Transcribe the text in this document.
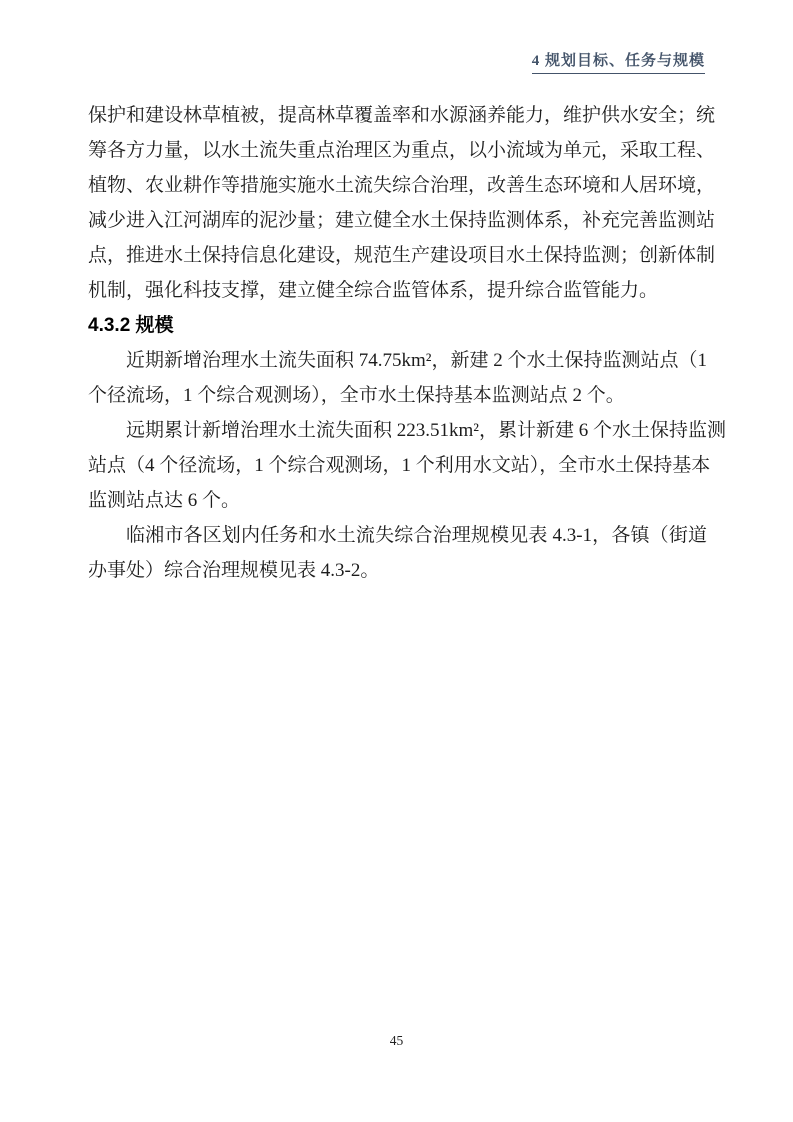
4 规划目标、任务与规模
保护和建设林草植被，提高林草覆盖率和水源涵养能力，维护供水安全；统
筹各方力量，以水土流失重点治理区为重点，以小流域为单元，采取工程、
植物、农业耕作等措施实施水土流失综合治理，改善生态环境和人居环境，
减少进入江河湖库的泥沙量；建立健全水土保持监测体系，补充完善监测站
点，推进水土保持信息化建设，规范生产建设项目水土保持监测；创新体制
机制，强化科技支撑，建立健全综合监管体系，提升综合监管能力。
4.3.2 规模
近期新增治理水土流失面积 74.75km²，新建 2 个水土保持监测站点（1
个径流场，1 个综合观测场），全市水土保持基本监测站点 2 个。
远期累计新增治理水土流失面积 223.51km²，累计新建 6 个水土保持监测
站点（4 个径流场，1 个综合观测场，1 个利用水文站），全市水土保持基本
监测站点达 6 个。
临湘市各区划内任务和水土流失综合治理规模见表 4.3-1，各镇（街道
办事处）综合治理规模见表 4.3-2。
45
